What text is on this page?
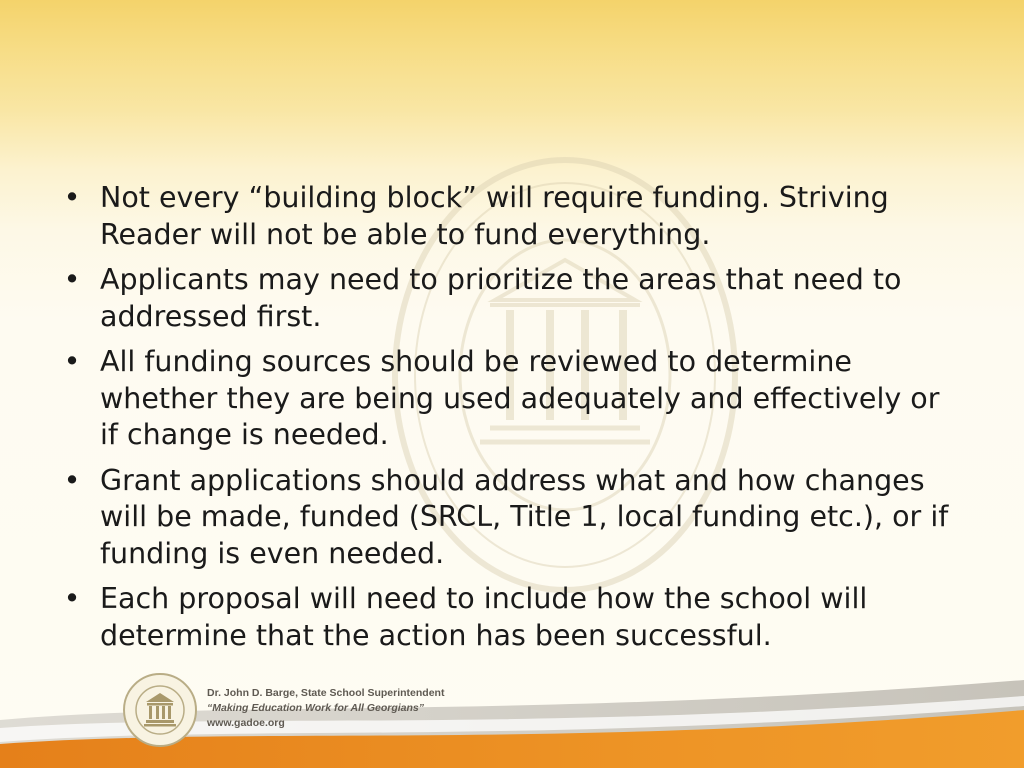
• Not every “building block” will require funding. Striving Reader will not be able to fund everything.
• Applicants may need to prioritize the areas that need to addressed first.
• All funding sources should be reviewed to determine whether they are being used adequately and effectively or if change is needed.
• Grant applications should address what and how changes will be made, funded (SRCL, Title 1, local funding etc.), or if funding is even needed.
• Each proposal will need to include how the school will determine that the action has been successful.
Dr. John D. Barge, State School Superintendent
“Making Education Work for All Georgians”
www.gadoe.org
